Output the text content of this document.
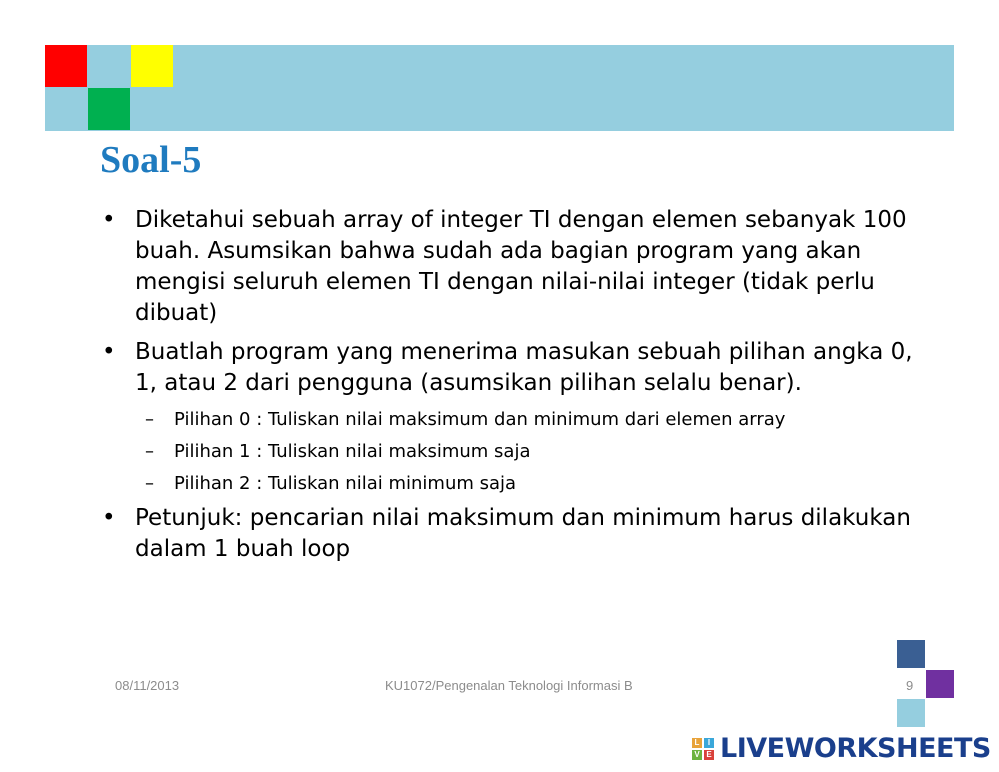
Soal-5
• Diketahui sebuah array of integer TI dengan elemen sebanyak 100 buah. Asumsikan bahwa sudah ada bagian program yang akan mengisi seluruh elemen TI dengan nilai-nilai integer (tidak perlu dibuat)
• Buatlah program yang menerima masukan sebuah pilihan angka 0, 1, atau 2 dari pengguna (asumsikan pilihan selalu benar).
– Pilihan 0 : Tuliskan nilai maksimum dan minimum dari elemen array
– Pilihan 1 : Tuliskan nilai maksimum saja
– Pilihan 2 : Tuliskan nilai minimum saja
• Petunjuk: pencarian nilai maksimum dan minimum harus dilakukan dalam 1 buah loop
08/11/2013	KU1072/Pengenalan Teknologi Informasi B	9
L	I
V E LIVEWORKSHEETS
